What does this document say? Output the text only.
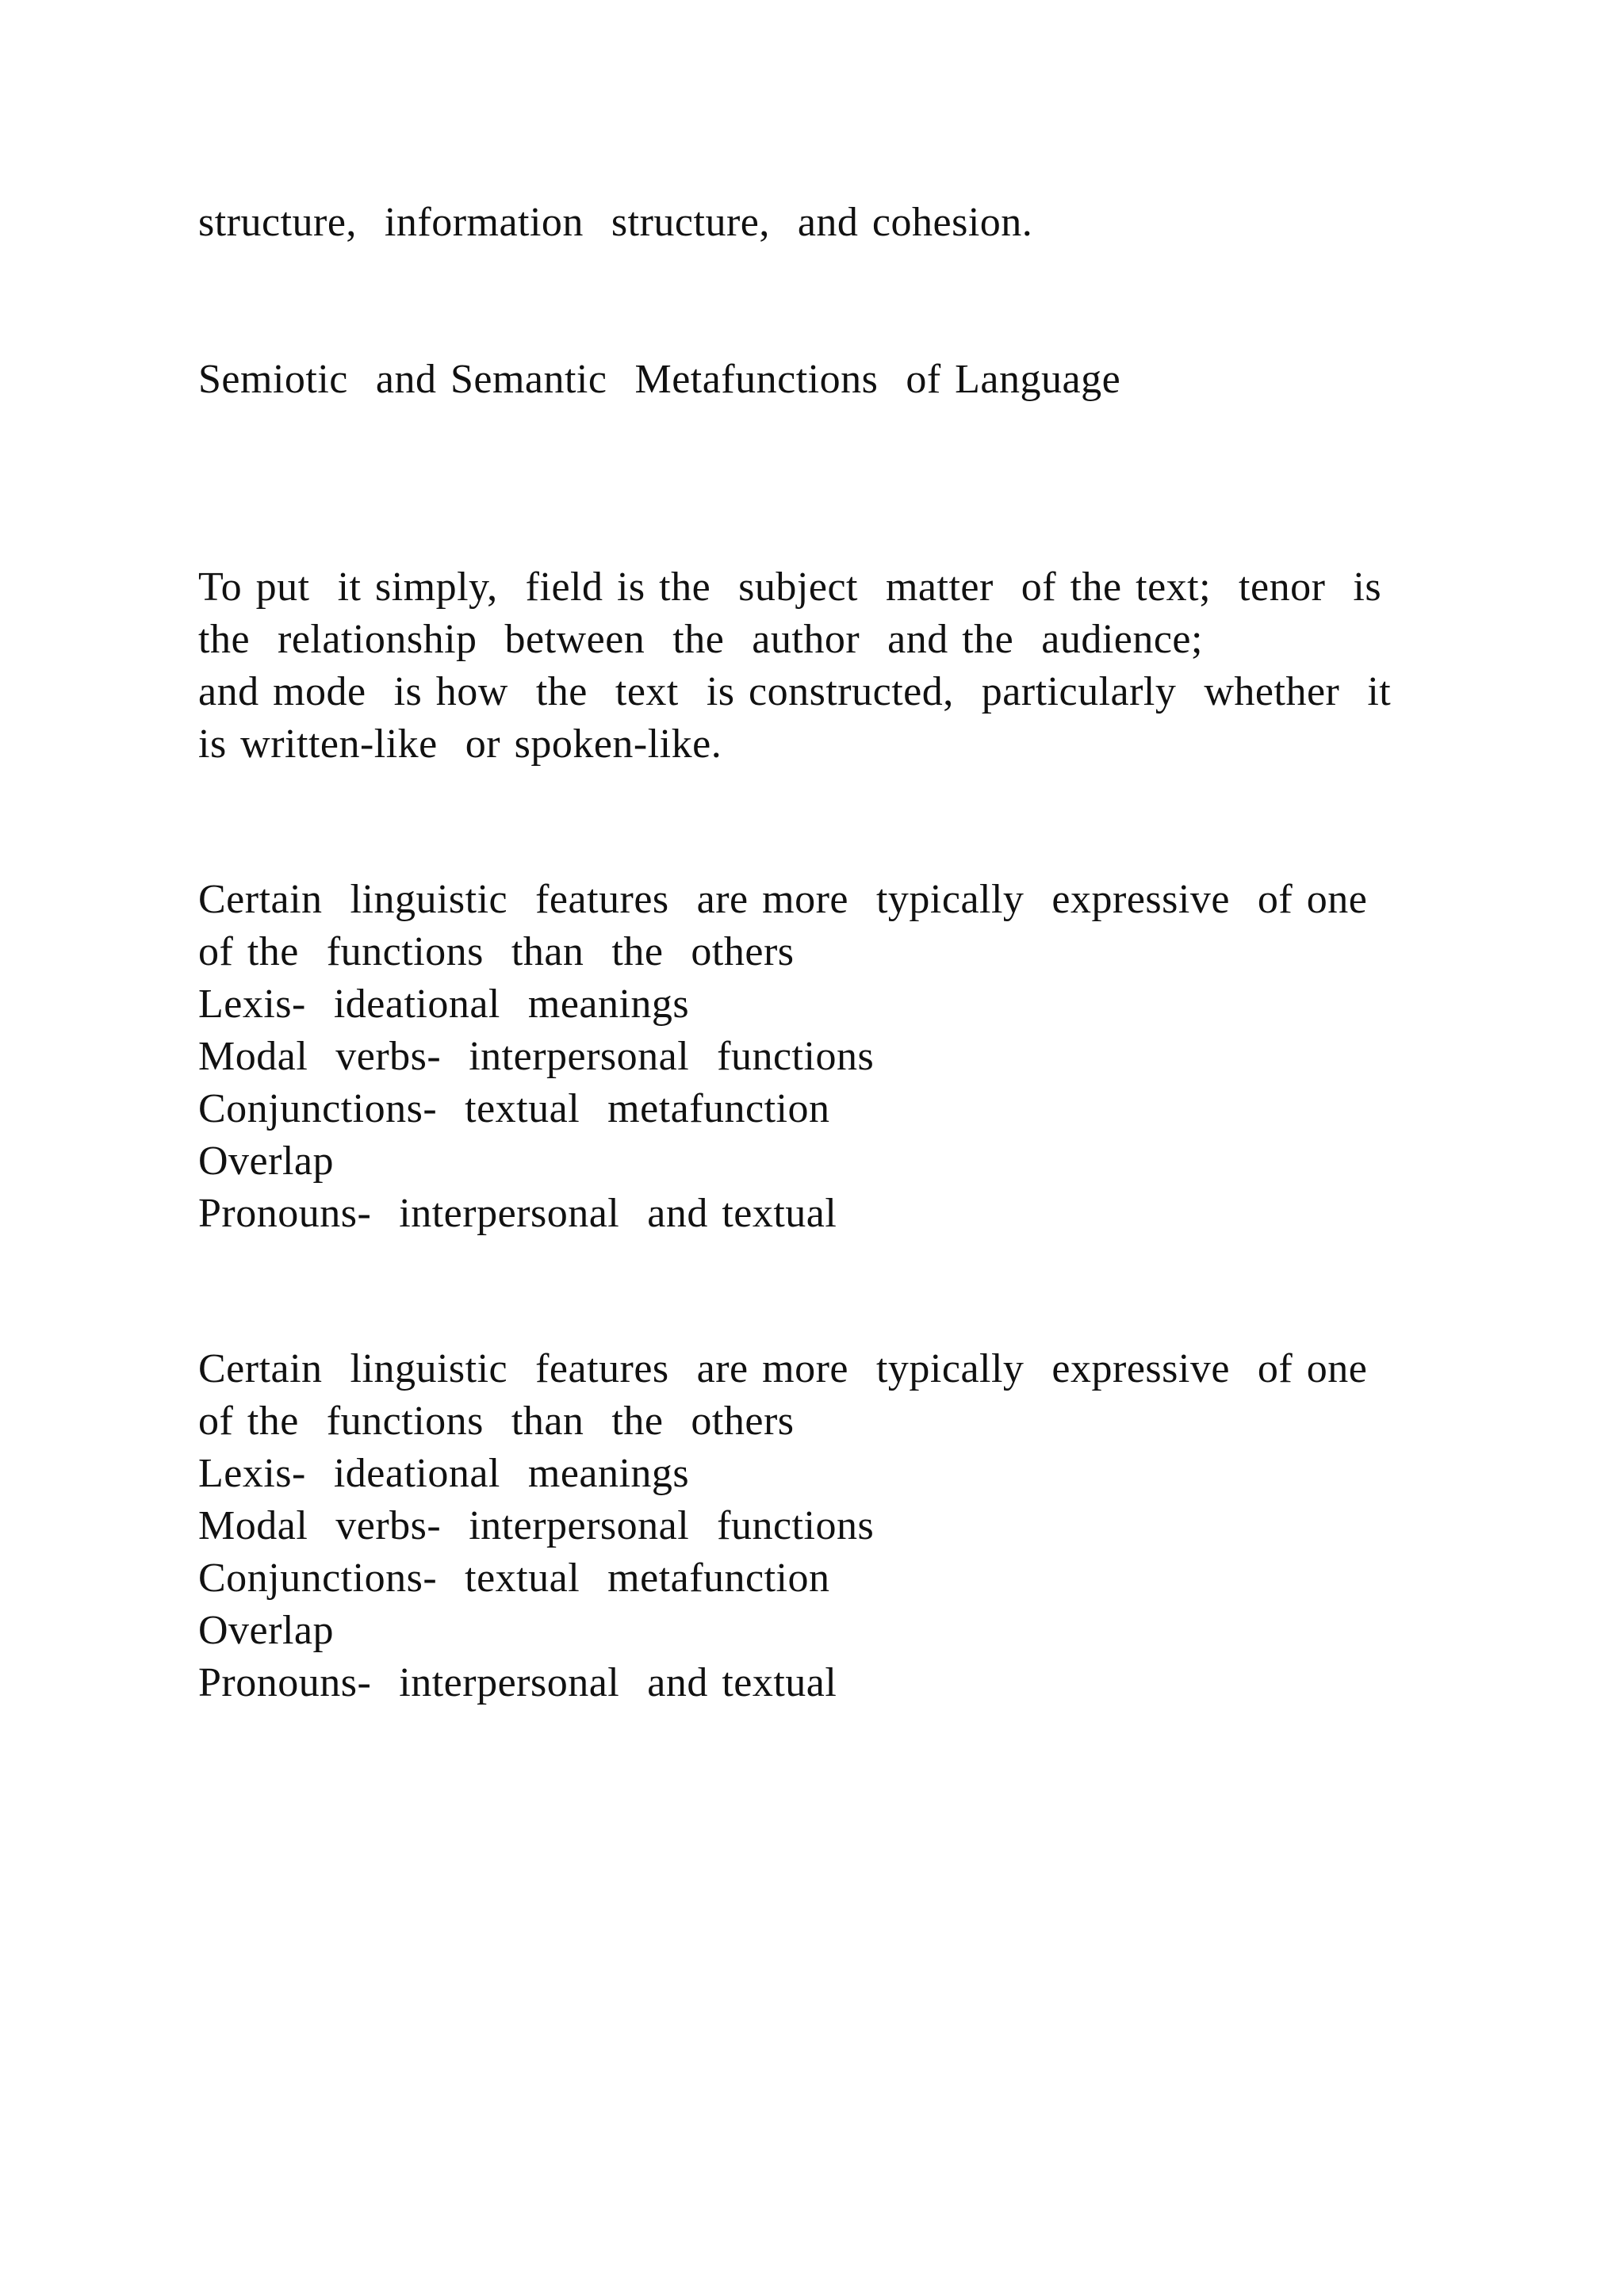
structure,  information  structure,  and cohesion.

Semiotic  and Semantic  Metafunctions  of Language

To put  it simply,  field is the  subject  matter  of the text;  tenor  is

the  relationship  between  the  author  and the  audience;

and mode  is how  the  text  is constructed,  particularly  whether  it

is written-like  or spoken-like.

Certain  linguistic  features  are more  typically  expressive  of one

of the  functions  than  the  others

Lexis-  ideational  meanings

Modal  verbs-  interpersonal  functions

Conjunctions-  textual  metafunction

Overlap

Pronouns-  interpersonal  and textual

Certain  linguistic  features  are more  typically  expressive  of one

of the  functions  than  the  others

Lexis-  ideational  meanings

Modal  verbs-  interpersonal  functions

Conjunctions-  textual  metafunction

Overlap

Pronouns-  interpersonal  and textual
